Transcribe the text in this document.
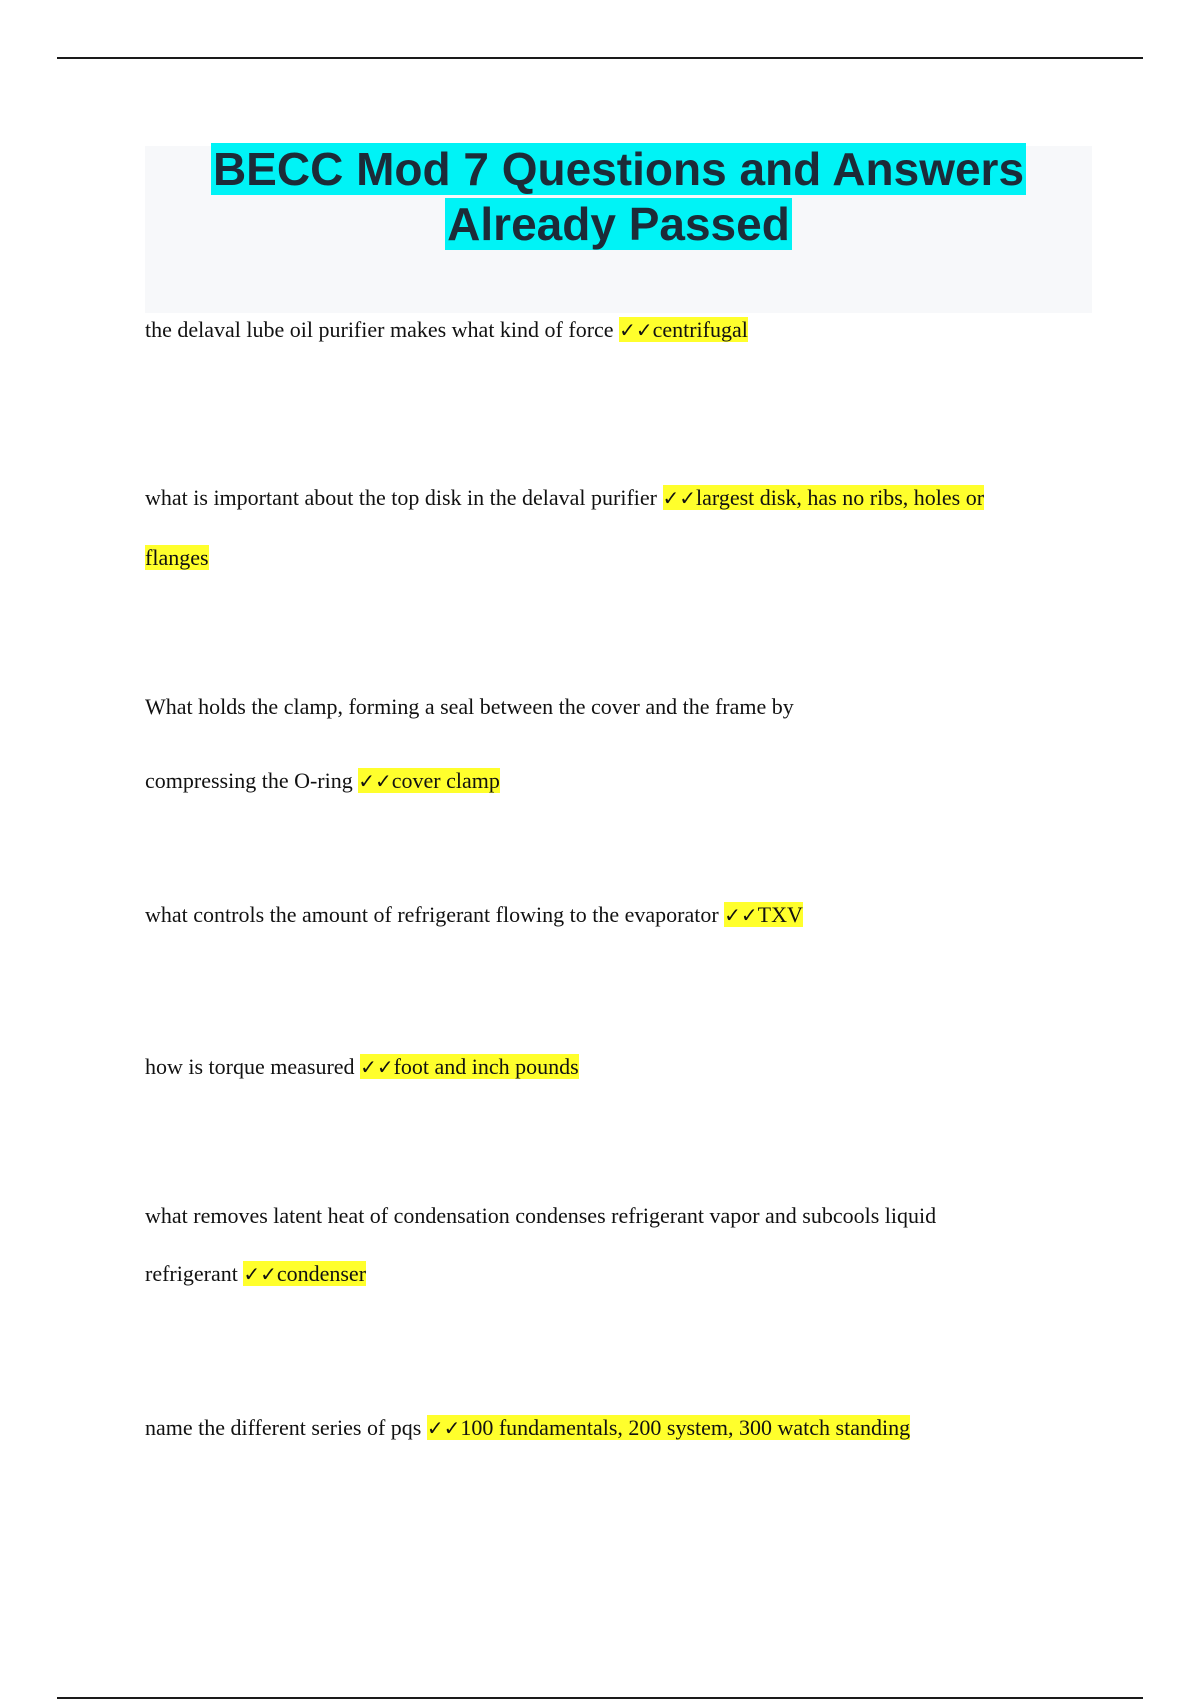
BECC Mod 7 Questions and Answers
Already Passed

the delaval lube oil purifier makes what kind of force ✓✓centrifugal

what is important about the top disk in the delaval purifier ✓✓largest disk, has no ribs, holes or
flanges

What holds the clamp, forming a seal between the cover and the frame by
compressing the O-ring ✓✓cover clamp

what controls the amount of refrigerant flowing to the evaporator ✓✓TXV

how is torque measured ✓✓foot and inch pounds

what removes latent heat of condensation condenses refrigerant vapor and subcools liquid
refrigerant ✓✓condenser

name the different series of pqs ✓✓100 fundamentals, 200 system, 300 watch standing
